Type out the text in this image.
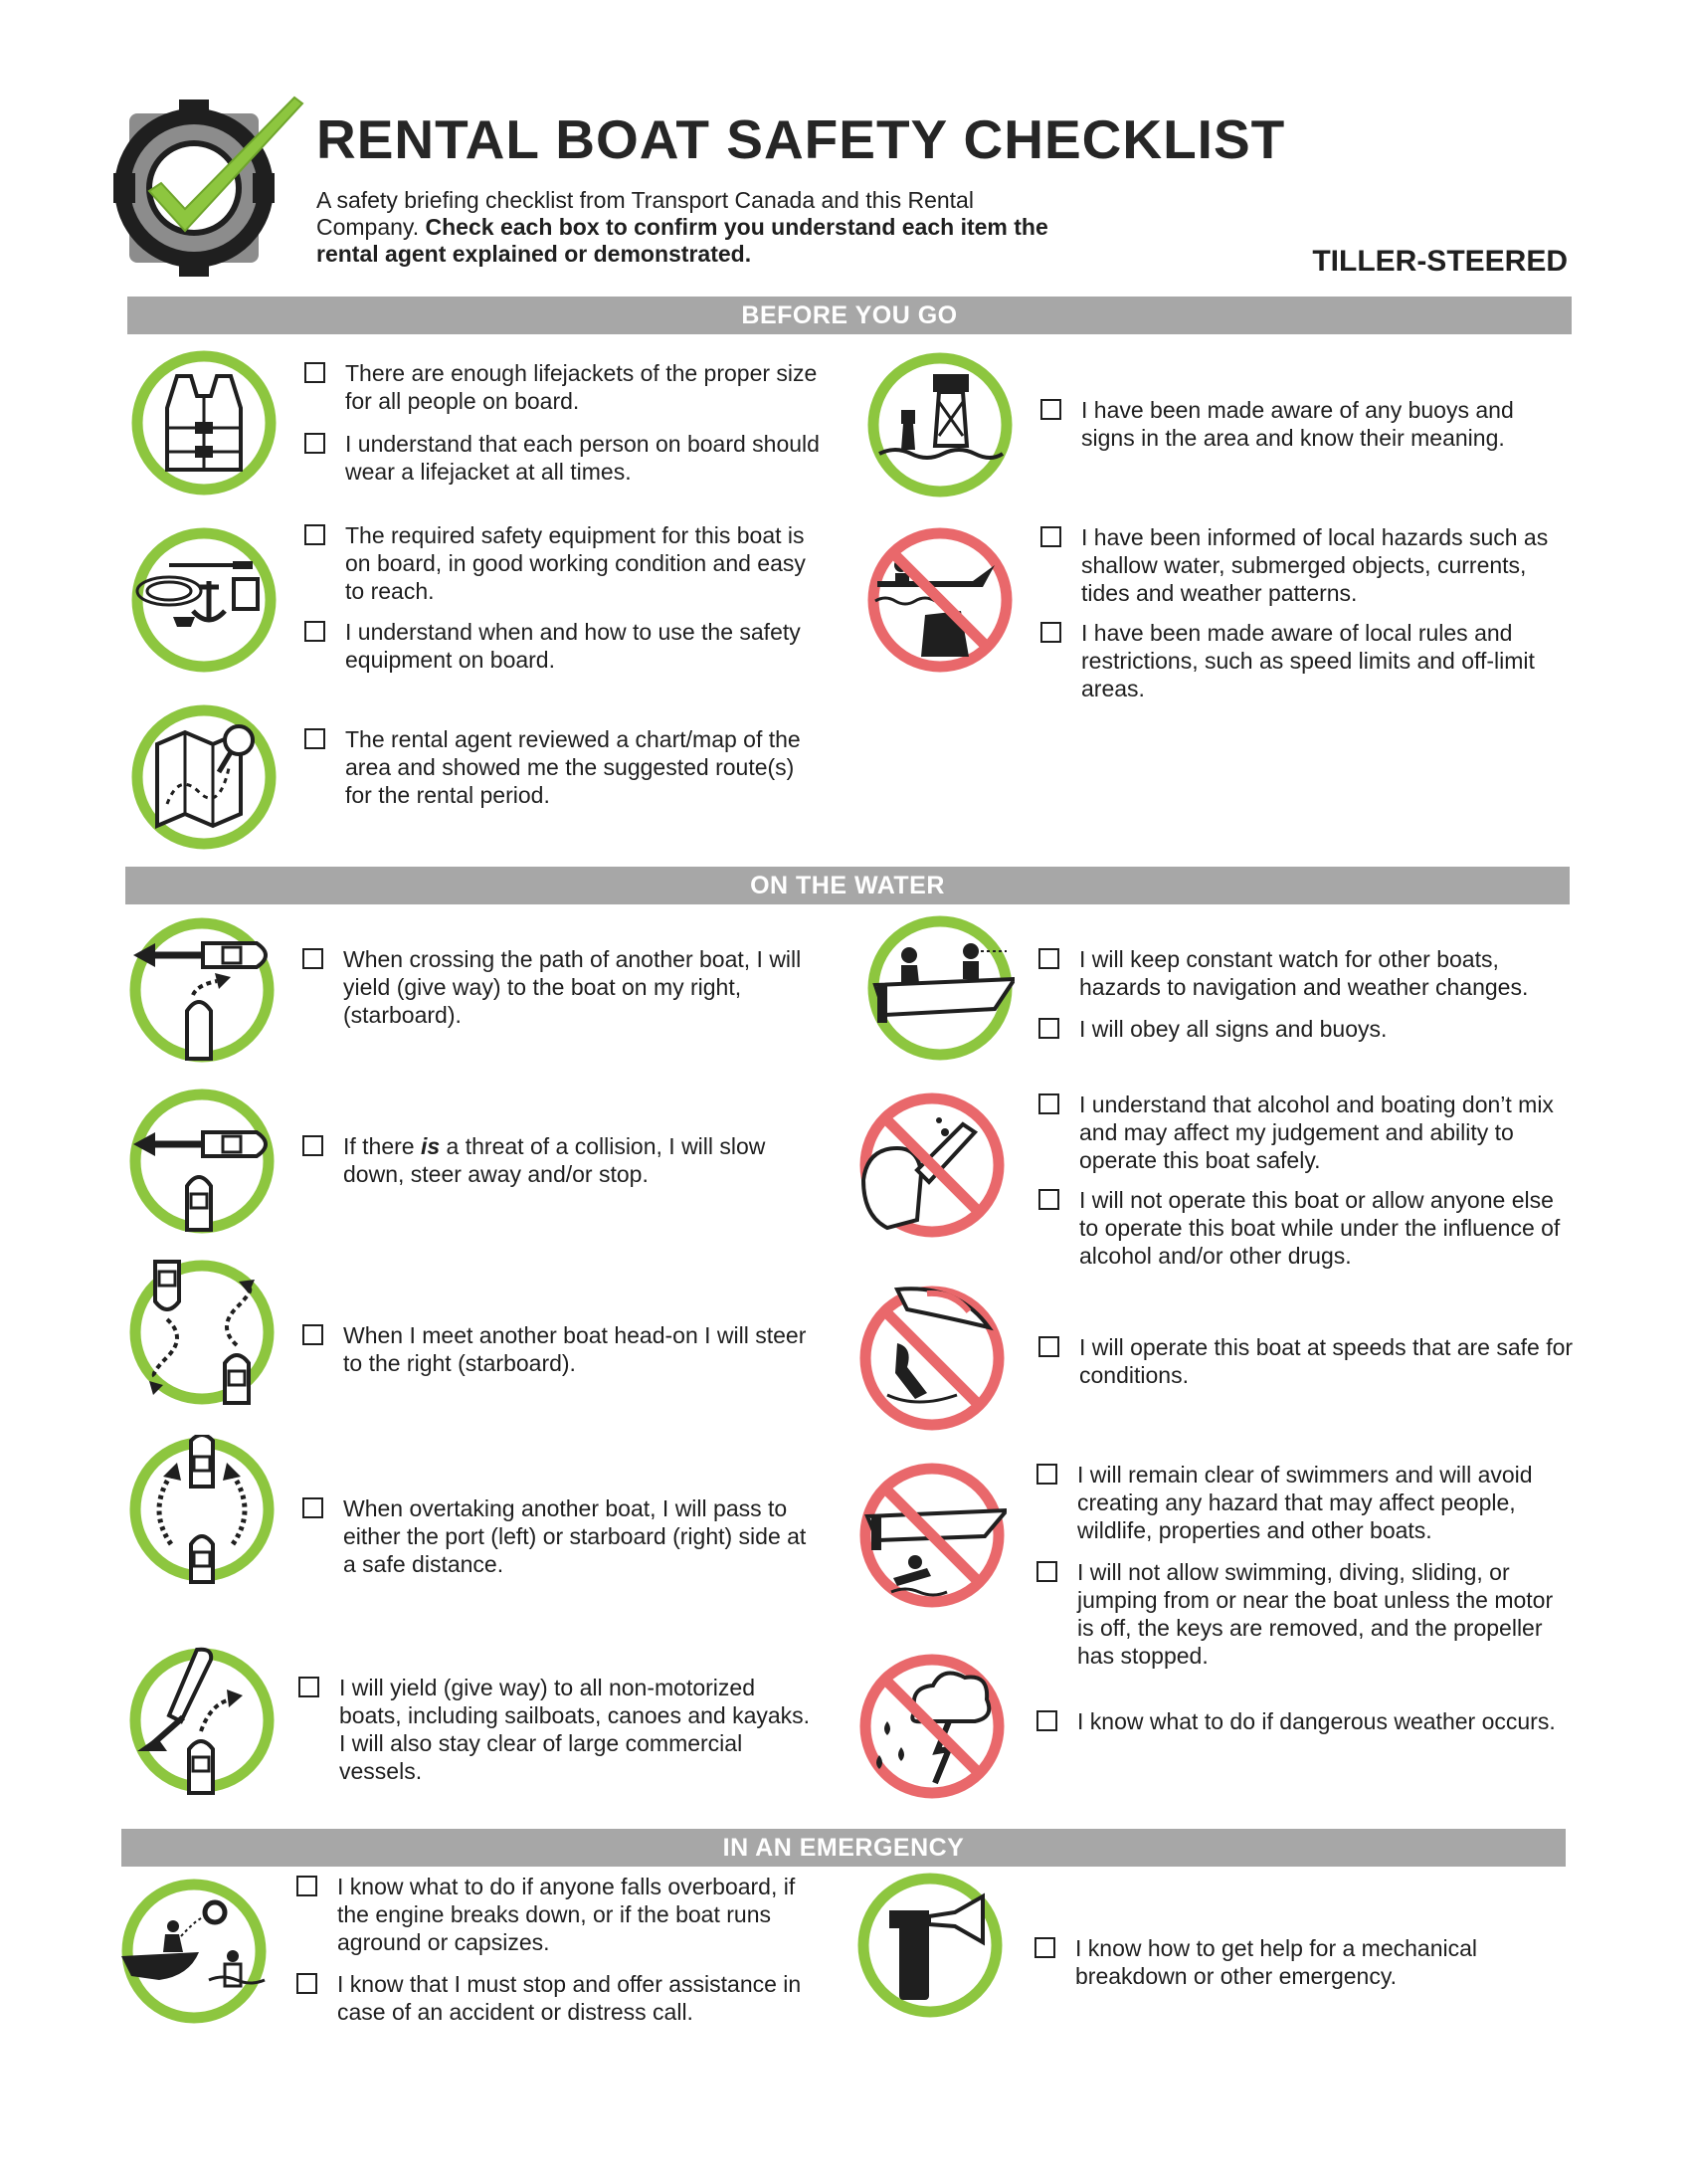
RENTAL BOAT SAFETY CHECKLIST
A safety briefing checklist from Transport Canada and this Rental Company. Check each box to confirm you understand each item the rental agent explained or demonstrated.	TILLER-STEERED
BEFORE YOU GO
There are enough lifejackets of the proper size for all people on board.
I understand that each person on board should wear a lifejacket at all times.
The required safety equipment for this boat is on board, in good working condition and easy to reach.
I understand when and how to use the safety equipment on board.
The rental agent reviewed a chart/map of the area and showed me the suggested route(s) for the rental period.
I have been made aware of any buoys and signs in the area and know their meaning.
I have been informed of local hazards such as shallow water, submerged objects, currents, tides and weather patterns.
I have been made aware of local rules and restrictions, such as speed limits and off-limit areas.
ON THE WATER
When crossing the path of another boat, I will yield (give way) to the boat on my right, (starboard).
If there is a threat of a collision, I will slow down, steer away and/or stop.
When I meet another boat head-on I will steer to the right (starboard).
When overtaking another boat, I will pass to either the port (left) or starboard (right) side at a safe distance.
I will yield (give way) to all non-motorized boats, including sailboats, canoes and kayaks. I will also stay clear of large commercial vessels.
I will keep constant watch for other boats, hazards to navigation and weather changes.
I will obey all signs and buoys.
I understand that alcohol and boating don’t mix and may affect my judgement and ability to operate this boat safely.
I will not operate this boat or allow anyone else to operate this boat while under the influence of alcohol and/or other drugs.
I will operate this boat at speeds that are safe for conditions.
I will remain clear of swimmers and will avoid creating any hazard that may affect people, wildlife, properties and other boats.
I will not allow swimming, diving, sliding, or jumping from or near the boat unless the motor is off, the keys are removed, and the propeller has stopped.
I know what to do if dangerous weather occurs.
IN AN EMERGENCY
I know what to do if anyone falls overboard, if the engine breaks down, or if the boat runs aground or capsizes.
I know that I must stop and offer assistance in case of an accident or distress call.
I know how to get help for a mechanical breakdown or other emergency.
